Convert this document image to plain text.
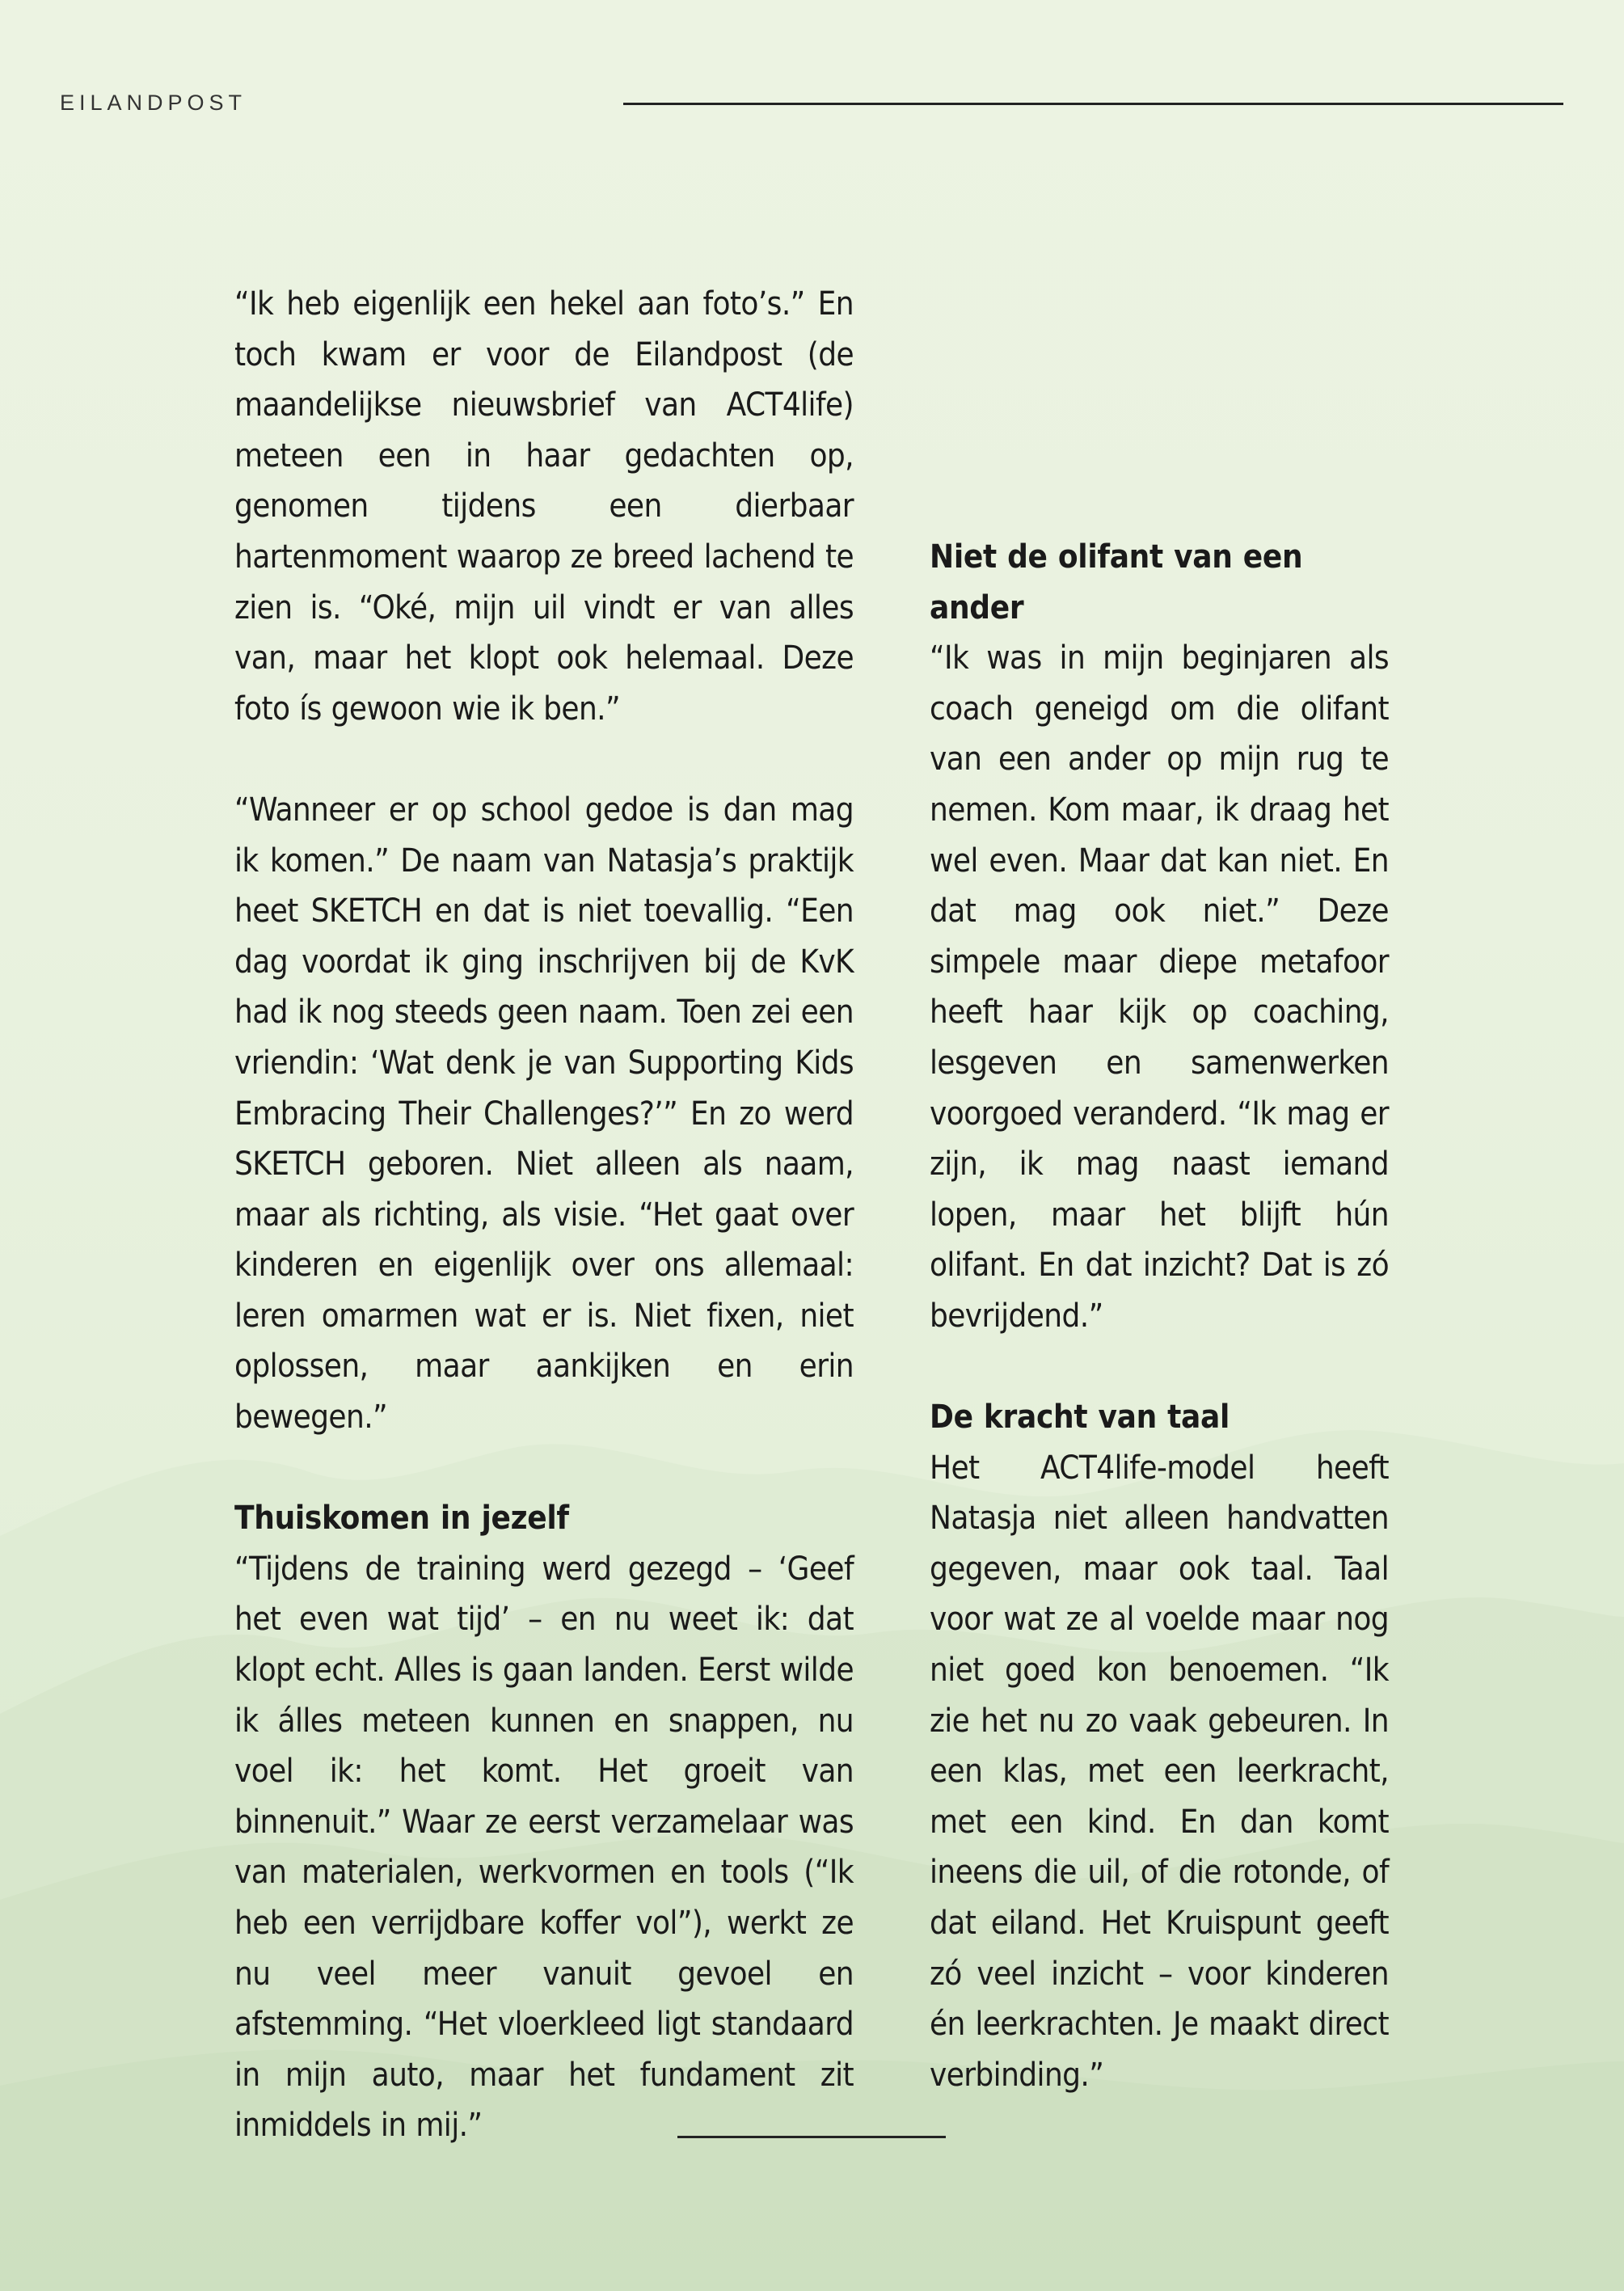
EILANDPOST

“Ik heb eigenlijk een hekel aan foto’s.” En toch kwam er voor de Eilandpost (de maandelijkse nieuwsbrief van ACT4life) meteen een in haar gedachten op, genomen tijdens een dierbaar hartenmoment waarop ze breed lachend te zien is. “Oké, mijn uil vindt er van alles van, maar het klopt ook helemaal. Deze foto ís gewoon wie ik ben.”

“Wanneer er op school gedoe is dan mag ik komen.” De naam van Natasja’s praktijk heet SKETCH en dat is niet toevallig. “Een dag voordat ik ging inschrijven bij de KvK had ik nog steeds geen naam. Toen zei een vriendin: ‘Wat denk je van Supporting Kids Embracing Their Challenges?’” En zo werd SKETCH geboren. Niet alleen als naam, maar als richting, als visie. “Het gaat over kinderen en eigenlijk over ons allemaal: leren omarmen wat er is. Niet fixen, niet oplossen, maar aankijken en erin bewegen.”

Thuiskomen in jezelf

“Tijdens de training werd gezegd – ‘Geef het even wat tijd’ – en nu weet ik: dat klopt echt. Alles is gaan landen. Eerst wilde ik álles meteen kunnen en snappen, nu voel ik: het komt. Het groeit van binnenuit.” Waar ze eerst verzamelaar was van materialen, werkvormen en tools (“Ik heb een verrijdbare koffer vol”), werkt ze nu veel meer vanuit gevoel en afstemming. “Het vloerkleed ligt standaard in mijn auto, maar het fundament zit inmiddels in mij.”

Niet de olifant van een ander

“Ik was in mijn beginjaren als coach geneigd om die olifant van een ander op mijn rug te nemen. Kom maar, ik draag het wel even. Maar dat kan niet. En dat mag ook niet.” Deze simpele maar diepe metafoor heeft haar kijk op coaching, lesgeven en samenwerken voorgoed veranderd. “Ik mag er zijn, ik mag naast iemand lopen, maar het blijft hún olifant. En dat inzicht? Dat is zó bevrijdend.”

De kracht van taal

Het ACT4life-model heeft Natasja niet alleen handvatten gegeven, maar ook taal. Taal voor wat ze al voelde maar nog niet goed kon benoemen. “Ik zie het nu zo vaak gebeuren. In een klas, met een leerkracht, met een kind. En dan komt ineens die uil, of die rotonde, of dat eiland. Het Kruispunt geeft zó veel inzicht – voor kinderen én leerkrachten. Je maakt direct verbinding.”
